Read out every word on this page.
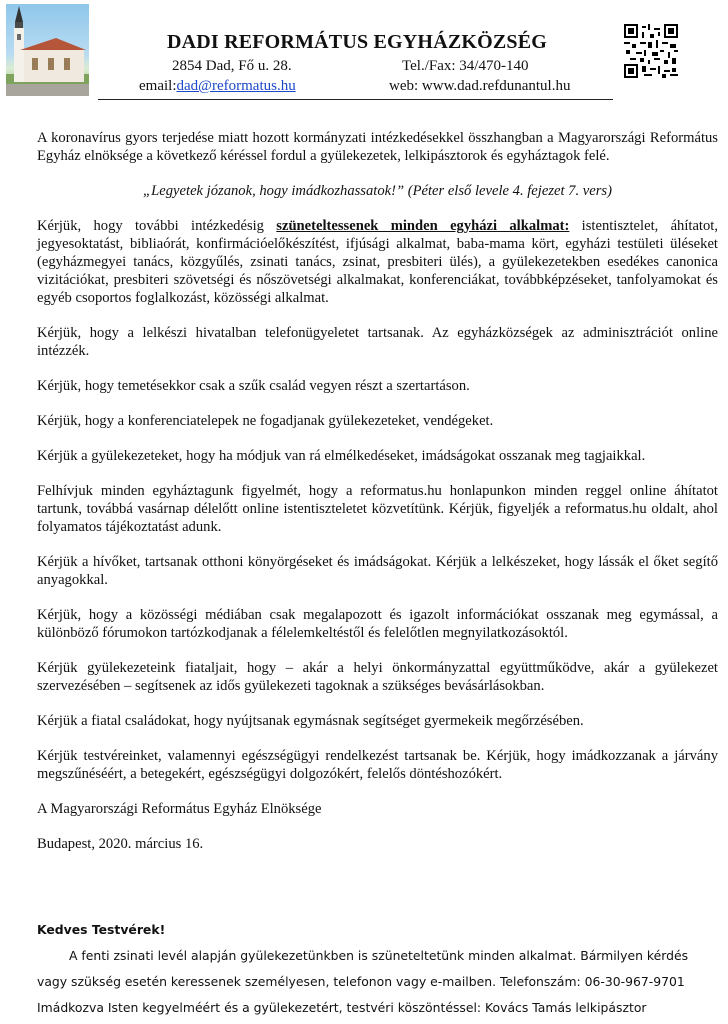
DADI REFORMÁTUS EGYHÁZKÖZSÉG
2854 Dad, Fő u. 28.	Tel./Fax: 34/470-140
email:dad@reformatus.hu	web: www.dad.refdunantul.hu

A koronavírus gyors terjedése miatt hozott kormányzati intézkedésekkel összhangban a Magyarországi Református Egyház elnöksége a következő kéréssel fordul a gyülekezetek, lelkipásztorok és egyháztagok felé.

„Legyetek józanok, hogy imádkozhassatok!” (Péter első levele 4. fejezet 7. vers)

Kérjük, hogy további intézkedésig szüneteltessenek minden egyházi alkalmat: istentisztelet, áhítatot, jegyesoktatást, bibliaórát, konfirmációelőkészítést, ifjúsági alkalmat, baba-mama kört, egyházi testületi üléseket (egyházmegyei tanács, közgyűlés, zsinati tanács, zsinat, presbiteri ülés), a gyülekezetekben esedékes canonica vizitációkat, presbiteri szövetségi és nőszövetségi alkalmakat, konferenciákat, továbbképzéseket, tanfolyamokat és egyéb csoportos foglalkozást, közösségi alkalmat.

Kérjük, hogy a lelkészi hivatalban telefonügyeletet tartsanak. Az egyházközségek az adminisztrációt online intézzék.

Kérjük, hogy temetésekkor csak a szűk család vegyen részt a szertartáson.

Kérjük, hogy a konferenciatelepek ne fogadjanak gyülekezeteket, vendégeket.

Kérjük a gyülekezeteket, hogy ha módjuk van rá elmélkedéseket, imádságokat osszanak meg tagjaikkal.

Felhívjuk minden egyháztagunk figyelmét, hogy a reformatus.hu honlapunkon minden reggel online áhítatot tartunk, továbbá vasárnap délelőtt online istentiszteletet közvetítünk. Kérjük, figyeljék a reformatus.hu oldalt, ahol folyamatos tájékoztatást adunk.

Kérjük a hívőket, tartsanak otthoni könyörgéseket és imádságokat. Kérjük a lelkészeket, hogy lássák el őket segítő anyagokkal.

Kérjük, hogy a közösségi médiában csak megalapozott és igazolt információkat osszanak meg egymással, a különböző fórumokon tartózkodjanak a félelemkeltéstől és felelőtlen megnyilatkozásoktól.

Kérjük gyülekezeteink fiataljait, hogy – akár a helyi önkormányzattal együttműködve, akár a gyülekezet szervezésében – segítsenek az idős gyülekezeti tagoknak a szükséges bevásárlásokban.

Kérjük a fiatal családokat, hogy nyújtsanak egymásnak segítséget gyermekeik megőrzésében.

Kérjük testvéreinket, valamennyi egészségügyi rendelkezést tartsanak be. Kérjük, hogy imádkozzanak a járvány megszűnéséért, a betegekért, egészségügyi dolgozókért, felelős döntéshozókért.

A Magyarországi Református Egyház Elnöksége

Budapest, 2020. március 16.

Kedves Testvérek!
A fenti zsinati levél alapján gyülekezetünkben is szüneteltetünk minden alkalmat. Bármilyen kérdés
vagy szükség esetén keressenek személyesen, telefonon vagy e-mailben. Telefonszám: 06-30-967-9701
Imádkozva Isten kegyelméért és a gyülekezetért, testvéri köszöntéssel: Kovács Tamás lelkipásztor
